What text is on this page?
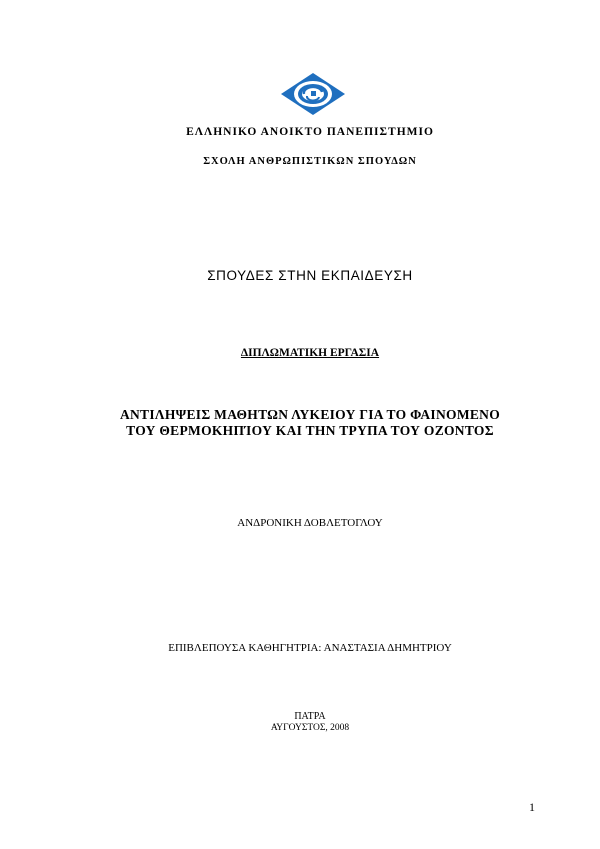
ΕΛΛΗΝΙΚΟ ΑΝΟΙΚΤΟ ΠΑΝΕΠΙΣΤΗΜΙΟ
ΣΧΟΛΗ ΑΝΘΡΩΠΙΣΤΙΚΩΝ ΣΠΟΥΔΩΝ
ΣΠΟΥΔΕΣ ΣΤΗΝ ΕΚΠΑΙΔΕΥΣΗ
ΔΙΠΛΩΜΑΤΙΚΗ ΕΡΓΑΣΙΑ
ΑΝΤΙΛΗΨΕΙΣ ΜΑΘΗΤΩΝ ΛΥΚΕΙΟΥ ΓΙΑ ΤΟ ΦΑΙΝΟΜΕΝΟ
ΤΟΥ ΘΕΡΜΟΚΗΠΊΟΥ ΚΑΙ ΤΗΝ ΤΡΥΠΑ ΤΟΥ ΟΖΟΝΤΟΣ
ΑΝΔΡΟΝΙΚΗ ΔΟΒΛΕΤΟΓΛΟΥ
ΕΠΙΒΛΕΠΟΥΣΑ ΚΑΘΗΓΗΤΡΙΑ: ΑΝΑΣΤΑΣΙΑ ΔΗΜΗΤΡΙΟΥ
ΠΑΤΡΑ
ΑΥΓΟΥΣΤΟΣ, 2008
1
